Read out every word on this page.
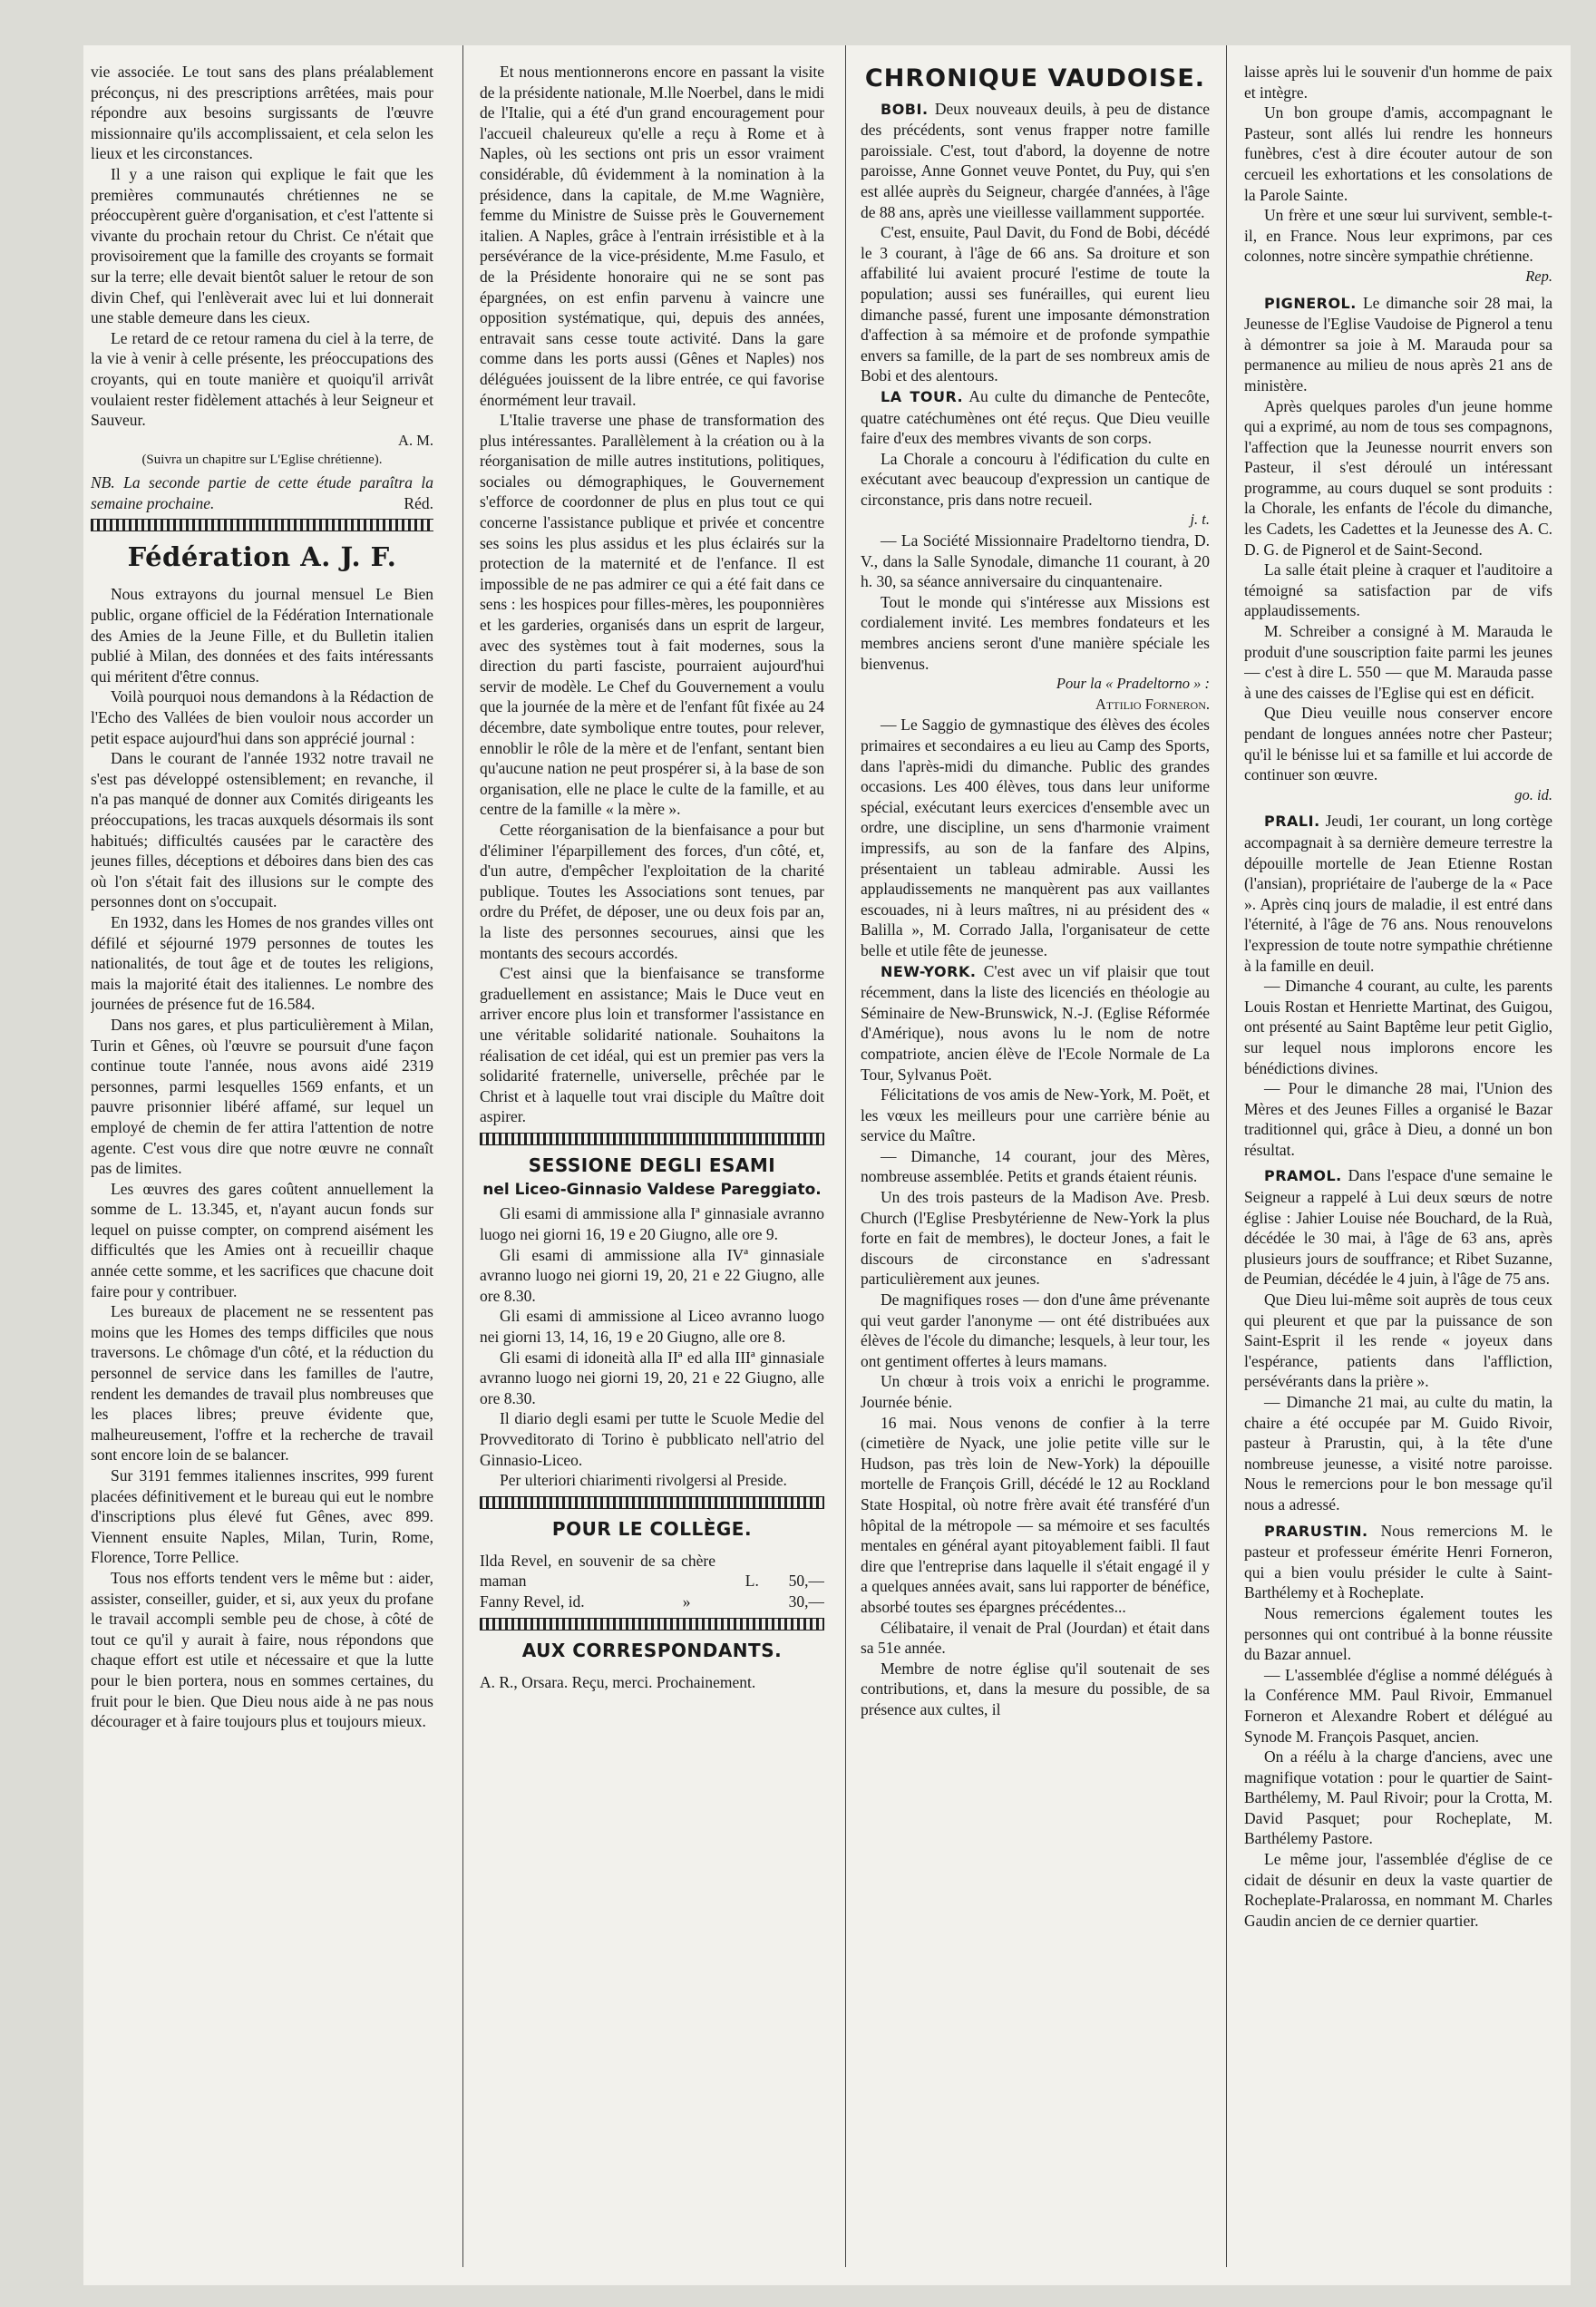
vie associée. Le tout sans des plans préalablement préconçus, ni des prescriptions arrêtées, mais pour répondre aux besoins surgissants de l'œuvre missionnaire qu'ils accomplissaient, et cela selon les lieux et les circonstances.

Il y a une raison qui explique le fait que les premières communautés chrétiennes ne se préoccupèrent guère d'organisation, et c'est l'attente si vivante du prochain retour du Christ. Ce n'était que provisoirement que la famille des croyants se formait sur la terre; elle devait bientôt saluer le retour de son divin Chef, qui l'enlèverait avec lui et lui donnerait une stable demeure dans les cieux.

Le retard de ce retour ramena du ciel à la terre, de la vie à venir à celle présente, les préoccupations des croyants, qui en toute manière et quoiqu'il arrivât voulaient rester fidèlement attachés à leur Seigneur et Sauveur.

A. M.
(Suivra un chapitre sur L'Eglise chrétienne).
NB. La seconde partie de cette étude paraîtra la semaine prochaine.	Réd.
Fédération A. J. F.

Nous extrayons du journal mensuel Le Bien public, organe officiel de la Fédération Internationale des Amies de la Jeune Fille, et du Bulletin italien publié à Milan, des données et des faits intéressants qui méritent d'être connus.

Voilà pourquoi nous demandons à la Rédaction de l'Echo des Vallées de bien vouloir nous accorder un petit espace aujourd'hui dans son apprécié journal :

Dans le courant de l'année 1932 notre travail ne s'est pas développé ostensiblement; en revanche, il n'a pas manqué de donner aux Comités dirigeants les préoccupations, les tracas auxquels désormais ils sont habitués; difficultés causées par le caractère des jeunes filles, déceptions et déboires dans bien des cas où l'on s'était fait des illusions sur le compte des personnes dont on s'occupait.

En 1932, dans les Homes de nos grandes villes ont défilé et séjourné 1979 personnes de toutes les nationalités, de tout âge et de toutes les religions, mais la majorité était des italiennes. Le nombre des journées de présence fut de 16.584.

Dans nos gares, et plus particulièrement à Milan, Turin et Gênes, où l'œuvre se poursuit d'une façon continue toute l'année, nous avons aidé 2319 personnes, parmi lesquelles 1569 enfants, et un pauvre prisonnier libéré affamé, sur lequel un employé de chemin de fer attira l'attention de notre agente. C'est vous dire que notre œuvre ne connaît pas de limites.

Les œuvres des gares coûtent annuellement la somme de L. 13.345, et, n'ayant aucun fonds sur lequel on puisse compter, on comprend aisément les difficultés que les Amies ont à recueillir chaque année cette somme, et les sacrifices que chacune doit faire pour y contribuer.

Les bureaux de placement ne se ressentent pas moins que les Homes des temps difficiles que nous traversons. Le chômage d'un côté, et la réduction du personnel de service dans les familles de l'autre, rendent les demandes de travail plus nombreuses que les places libres; preuve évidente que, malheureusement, l'offre et la recherche de travail sont encore loin de se balancer.

Sur 3191 femmes italiennes inscrites, 999 furent placées définitivement et le bureau qui eut le nombre d'inscriptions plus élevé fut Gênes, avec 899. Viennent ensuite Naples, Milan, Turin, Rome, Florence, Torre Pellice.

Tous nos efforts tendent vers le même but : aider, assister, conseiller, guider, et si, aux yeux du profane le travail accompli semble peu de chose, à côté de tout ce qu'il y aurait à faire, nous répondons que chaque effort est utile et nécessaire et que la lutte pour le bien portera, nous en sommes certaines, du fruit pour le bien. Que Dieu nous aide à ne pas nous décourager et à faire toujours plus et toujours mieux.

Et nous mentionnerons encore en passant la visite de la présidente nationale, M.lle Noerbel, dans le midi de l'Italie, qui a été d'un grand encouragement pour l'accueil chaleureux qu'elle a reçu à Rome et à Naples, où les sections ont pris un essor vraiment considérable, dû évidemment à la nomination à la présidence, dans la capitale, de M.me Wagnière, femme du Ministre de Suisse près le Gouvernement italien. A Naples, grâce à l'entrain irrésistible et à la persévérance de la vice-présidente, M.me Fasulo, et de la Présidente honoraire qui ne se sont pas épargnées, on est enfin parvenu à vaincre une opposition systématique, qui, depuis des années, entravait sans cesse toute activité. Dans la gare comme dans les ports aussi (Gênes et Naples) nos déléguées jouissent de la libre entrée, ce qui favorise énormément leur travail.

L'Italie traverse une phase de transformation des plus intéressantes. Parallèlement à la création ou à la réorganisation de mille autres institutions, politiques, sociales ou démographiques, le Gouvernement s'efforce de coordonner de plus en plus tout ce qui concerne l'assistance publique et privée et concentre ses soins les plus assidus et les plus éclairés sur la protection de la maternité et de l'enfance. Il est impossible de ne pas admirer ce qui a été fait dans ce sens : les hospices pour filles-mères, les pouponnières et les garderies, organisés dans un esprit de largeur, avec des systèmes tout à fait modernes, sous la direction du parti fasciste, pourraient aujourd'hui servir de modèle. Le Chef du Gouvernement a voulu que la journée de la mère et de l'enfant fût fixée au 24 décembre, date symbolique entre toutes, pour relever, ennoblir le rôle de la mère et de l'enfant, sentant bien qu'aucune nation ne peut prospérer si, à la base de son organisation, elle ne place le culte de la famille, et au centre de la famille « la mère ».

Cette réorganisation de la bienfaisance a pour but d'éliminer l'éparpillement des forces, d'un côté, et, d'un autre, d'empêcher l'exploitation de la charité publique. Toutes les Associations sont tenues, par ordre du Préfet, de déposer, une ou deux fois par an, la liste des personnes secourues, ainsi que les montants des secours accordés.

C'est ainsi que la bienfaisance se transforme graduellement en assistance; Mais le Duce veut en arriver encore plus loin et transformer l'assistance en une véritable solidarité nationale. Souhaitons la réalisation de cet idéal, qui est un premier pas vers la solidarité fraternelle, universelle, prêchée par le Christ et à laquelle tout vrai disciple du Maître doit aspirer.

SESSIONE DEGLI ESAMI
nel Liceo-Ginnasio Valdese Pareggiato.

Gli esami di ammissione alla Iª ginnasiale avranno luogo nei giorni 16, 19 e 20 Giugno, alle ore 9.

Gli esami di ammissione alla IVª ginnasiale avranno luogo nei giorni 19, 20, 21 e 22 Giugno, alle ore 8.30.

Gli esami di ammissione al Liceo avranno luogo nei giorni 13, 14, 16, 19 e 20 Giugno, alle ore 8.

Gli esami di idoneità alla IIª ed alla IIIª ginnasiale avranno luogo nei giorni 19, 20, 21 e 22 Giugno, alle ore 8.30.

Il diario degli esami per tutte le Scuole Medie del Provveditorato di Torino è pubblicato nell'atrio del Ginnasio-Liceo.

Per ulteriori chiarimenti rivolgersi al Preside.

POUR LE COLLÈGE.
Ilda Revel, en souvenir de sa chère maman	L. 50,—
Fanny Revel, id.	»	30,—
AUX CORRESPONDANTS.

A. R., Orsara. Reçu, merci. Prochainement.

CHRONIQUE VAUDOISE.

BOBI. Deux nouveaux deuils, à peu de distance des précédents, sont venus frapper notre famille paroissiale. C'est, tout d'abord, la doyenne de notre paroisse, Anne Gonnet veuve Pontet, du Puy, qui s'en est allée auprès du Seigneur, chargée d'années, à l'âge de 88 ans, après une vieillesse vaillamment supportée.

C'est, ensuite, Paul Davit, du Fond de Bobi, décédé le 3 courant, à l'âge de 66 ans. Sa droiture et son affabilité lui avaient procuré l'estime de toute la population; aussi ses funérailles, qui eurent lieu dimanche passé, furent une imposante démonstration d'affection à sa mémoire et de profonde sympathie envers sa famille, de la part de ses nombreux amis de Bobi et des alentours.

LA TOUR. Au culte du dimanche de Pentecôte, quatre catéchumènes ont été reçus. Que Dieu veuille faire d'eux des membres vivants de son corps.

La Chorale a concouru à l'édification du culte en exécutant avec beaucoup d'expression un cantique de circonstance, pris dans notre recueil.

j. t.

— La Société Missionnaire Pradeltorno tiendra, D. V., dans la Salle Synodale, dimanche 11 courant, à 20 h. 30, sa séance anniversaire du cinquantenaire.

Tout le monde qui s'intéresse aux Missions est cordialement invité. Les membres fondateurs et les membres anciens seront d'une manière spéciale les bienvenus.

Pour la « Pradeltorno » :
Attilio Forneron.

— Le Saggio de gymnastique des élèves des écoles primaires et secondaires a eu lieu au Camp des Sports, dans l'après-midi du dimanche. Public des grandes occasions. Les 400 élèves, tous dans leur uniforme spécial, exécutant leurs exercices d'ensemble avec un ordre, une discipline, un sens d'harmonie vraiment impressifs, au son de la fanfare des Alpins, présentaient un tableau admirable. Aussi les applaudissements ne manquèrent pas aux vaillantes escouades, ni à leurs maîtres, ni au président des « Balilla », M. Corrado Jalla, l'organisateur de cette belle et utile fête de jeunesse.

NEW-YORK. C'est avec un vif plaisir que tout récemment, dans la liste des licenciés en théologie au Séminaire de New-Brunswick, N.-J. (Eglise Réformée d'Amérique), nous avons lu le nom de notre compatriote, ancien élève de l'Ecole Normale de La Tour, Sylvanus Poët.

Félicitations de vos amis de New-York, M. Poët, et les vœux les meilleurs pour une carrière bénie au service du Maître.

— Dimanche, 14 courant, jour des Mères, nombreuse assemblée. Petits et grands étaient réunis.

Un des trois pasteurs de la Madison Ave. Presb. Church (l'Eglise Presbytérienne de New-York la plus forte en fait de membres), le docteur Jones, a fait le discours de circonstance en s'adressant particulièrement aux jeunes.

De magnifiques roses — don d'une âme prévenante qui veut garder l'anonyme — ont été distribuées aux élèves de l'école du dimanche; lesquels, à leur tour, les ont gentiment offertes à leurs mamans.

Un chœur à trois voix a enrichi le programme. Journée bénie.

16 mai. Nous venons de confier à la terre (cimetière de Nyack, une jolie petite ville sur le Hudson, pas très loin de New-York) la dépouille mortelle de François Grill, décédé le 12 au Rockland State Hospital, où notre frère avait été transféré d'un hôpital de la métropole — sa mémoire et ses facultés mentales en général ayant pitoyablement faibli. Il faut dire que l'entreprise dans laquelle il s'était engagé il y a quelques années avait, sans lui rapporter de bénéfice, absorbé toutes ses épargnes précédentes...

Célibataire, il venait de Pral (Jourdan) et était dans sa 51e année.

Membre de notre église qu'il soutenait de ses contributions, et, dans la mesure du possible, de sa présence aux cultes, il

laisse après lui le souvenir d'un homme de paix et intègre.

Un bon groupe d'amis, accompagnant le Pasteur, sont allés lui rendre les honneurs funèbres, c'est à dire écouter autour de son cercueil les exhortations et les consolations de la Parole Sainte.

Un frère et une sœur lui survivent, semble-t-il, en France. Nous leur exprimons, par ces colonnes, notre sincère sympathie chrétienne.

Rep.

PIGNEROL. Le dimanche soir 28 mai, la Jeunesse de l'Eglise Vaudoise de Pignerol a tenu à démontrer sa joie à M. Marauda pour sa permanence au milieu de nous après 21 ans de ministère.

Après quelques paroles d'un jeune homme qui a exprimé, au nom de tous ses compagnons, l'affection que la Jeunesse nourrit envers son Pasteur, il s'est déroulé un intéressant programme, au cours duquel se sont produits : la Chorale, les enfants de l'école du dimanche, les Cadets, les Cadettes et la Jeunesse des A. C. D. G. de Pignerol et de Saint-Second.

La salle était pleine à craquer et l'auditoire a témoigné sa satisfaction par de vifs applaudissements.

M. Schreiber a consigné à M. Marauda le produit d'une souscription faite parmi les jeunes — c'est à dire L. 550 — que M. Marauda passe à une des caisses de l'Eglise qui est en déficit.

Que Dieu veuille nous conserver encore pendant de longues années notre cher Pasteur; qu'il le bénisse lui et sa famille et lui accorde de continuer son œuvre.

go. id.

PRALI. Jeudi, 1er courant, un long cortège accompagnait à sa dernière demeure terrestre la dépouille mortelle de Jean Etienne Rostan (l'ansian), propriétaire de l'auberge de la « Pace ». Après cinq jours de maladie, il est entré dans l'éternité, à l'âge de 76 ans. Nous renouvelons l'expression de toute notre sympathie chrétienne à la famille en deuil.

— Dimanche 4 courant, au culte, les parents Louis Rostan et Henriette Martinat, des Guigou, ont présenté au Saint Baptême leur petit Giglio, sur lequel nous implorons encore les bénédictions divines.

— Pour le dimanche 28 mai, l'Union des Mères et des Jeunes Filles a organisé le Bazar traditionnel qui, grâce à Dieu, a donné un bon résultat.

PRAMOL. Dans l'espace d'une semaine le Seigneur a rappelé à Lui deux sœurs de notre église : Jahier Louise née Bouchard, de la Ruà, décédée le 30 mai, à l'âge de 63 ans, après plusieurs jours de souffrance; et Ribet Suzanne, de Peumian, décédée le 4 juin, à l'âge de 75 ans.

Que Dieu lui-même soit auprès de tous ceux qui pleurent et que par la puissance de son Saint-Esprit il les rende « joyeux dans l'espérance, patients dans l'affliction, persévérants dans la prière ».

— Dimanche 21 mai, au culte du matin, la chaire a été occupée par M. Guido Rivoir, pasteur à Prarustin, qui, à la tête d'une nombreuse jeunesse, a visité notre paroisse. Nous le remercions pour le bon message qu'il nous a adressé.

PRARUSTIN. Nous remercions M. le pasteur et professeur émérite Henri Forneron, qui a bien voulu présider le culte à Saint-Barthélemy et à Rocheplate.

Nous remercions également toutes les personnes qui ont contribué à la bonne réussite du Bazar annuel.

— L'assemblée d'église a nommé délégués à la Conférence MM. Paul Rivoir, Emmanuel Forneron et Alexandre Robert et délégué au Synode M. François Pasquet, ancien.

On a réélu à la charge d'anciens, avec une magnifique votation : pour le quartier de Saint-Barthélemy, M. Paul Rivoir; pour la Crotta, M. David Pasquet; pour Rocheplate, M. Barthélemy Pastore.

Le même jour, l'assemblée d'église de ce cidait de désunir en deux la vaste quartier de Rocheplate-Pralarossa, en nommant M. Charles Gaudin ancien de ce dernier quartier.
